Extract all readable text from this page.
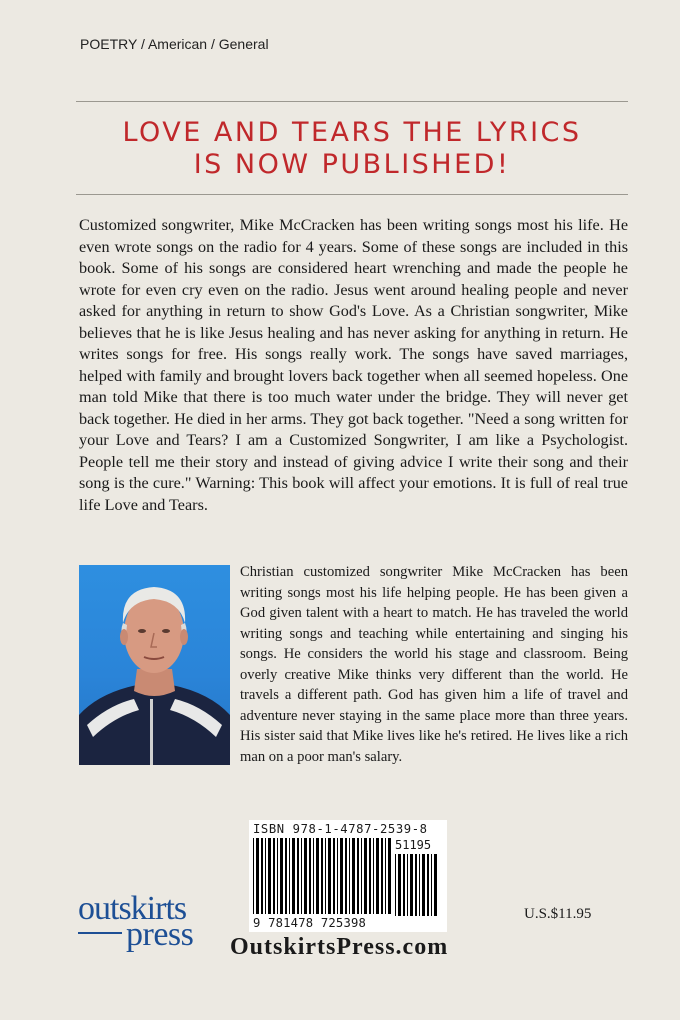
POETRY / American / General
LOVE AND TEARS THE LYRICS
IS NOW PUBLISHED!

Customized songwriter, Mike McCracken has been writing songs most his life. He even wrote songs on the radio for 4 years. Some of these songs are included in this book. Some of his songs are considered heart wrenching and made the people he wrote for even cry even on the radio. Jesus went around healing people and never asked for anything in return to show God's Love. As a Christian songwriter, Mike believes that he is like Jesus healing and has never asking for anything in return. He writes songs for free. His songs really work. The songs have saved marriages, helped with family and brought lovers back together when all seemed hopeless. One man told Mike that there is too much water under the bridge. They will never get back together. He died in her arms. They got back together. "Need a song written for your Love and Tears? I am a Customized Songwriter, I am like a Psychologist. People tell me their story and instead of giving advice I write their song and their song is the cure." Warning: This book will affect your emotions. It is full of real true life Love and Tears.

Christian customized songwriter Mike McCracken has been writing songs most his life helping people. He has been given a God given talent with a heart to match. He has traveled the world writing songs and teaching while entertaining and singing his songs. He considers the world his stage and classroom. Being overly creative Mike thinks very different than the world. He travels a different path. God has given him a life of travel and adventure never staying in the same place more than three years. His sister said that Mike lives like he's retired. He lives like a rich man on a poor man's salary.

ISBN 978-1-4787-2539-8
51195
9 781478 725398
outskirts
press OutskirtsPress.com
U.S.$11.95
